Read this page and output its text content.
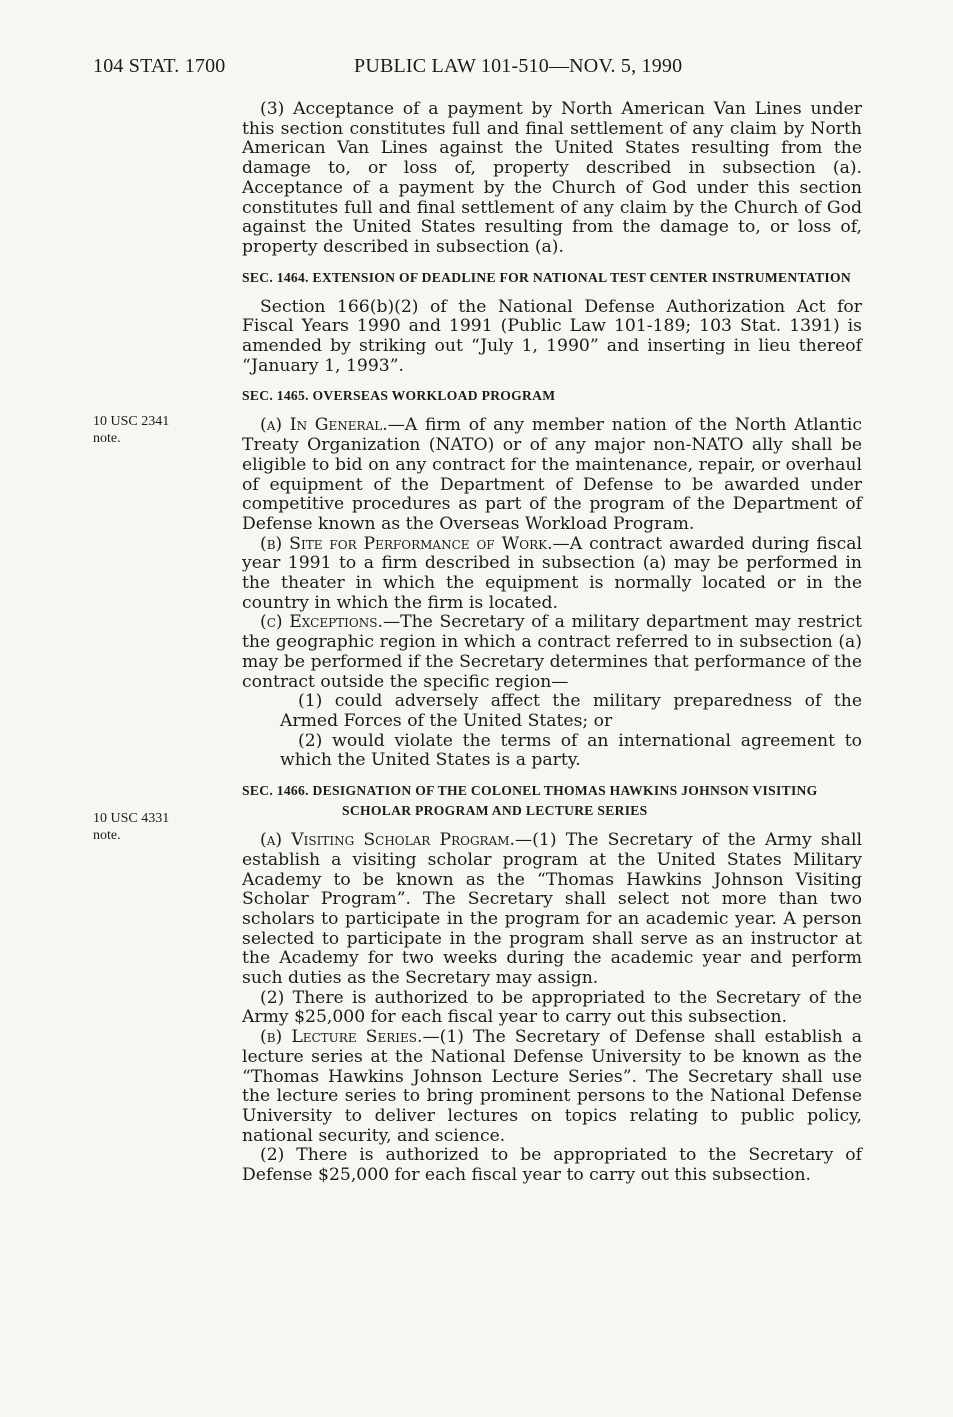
104 STAT. 1700	PUBLIC LAW 101-510—NOV. 5, 1990
10 USC 2341
note.
10 USC 4331
note.

(3) Acceptance of a payment by North American Van Lines under this section constitutes full and final settlement of any claim by North American Van Lines against the United States resulting from the damage to, or loss of, property described in subsection (a). Acceptance of a payment by the Church of God under this section constitutes full and final settlement of any claim by the Church of God against the United States resulting from the damage to, or loss of, property described in subsection (a).

SEC. 1464. EXTENSION OF DEADLINE FOR NATIONAL TEST CENTER INSTRUMENTATION

Section 166(b)(2) of the National Defense Authorization Act for Fiscal Years 1990 and 1991 (Public Law 101-189; 103 Stat. 1391) is amended by striking out “July 1, 1990” and inserting in lieu thereof “January 1, 1993”.

SEC. 1465. OVERSEAS WORKLOAD PROGRAM

(a) In General.—A firm of any member nation of the North Atlantic Treaty Organization (NATO) or of any major non-NATO ally shall be eligible to bid on any contract for the maintenance, repair, or overhaul of equipment of the Department of Defense to be awarded under competitive procedures as part of the program of the Department of Defense known as the Overseas Workload Program.

(b) Site for Performance of Work.—A contract awarded during fiscal year 1991 to a firm described in subsection (a) may be performed in the theater in which the equipment is normally located or in the country in which the firm is located.

(c) Exceptions.—The Secretary of a military department may restrict the geographic region in which a contract referred to in subsection (a) may be performed if the Secretary determines that performance of the contract outside the specific region—

(1) could adversely affect the military preparedness of the Armed Forces of the United States; or

(2) would violate the terms of an international agreement to which the United States is a party.

SEC. 1466. DESIGNATION OF THE COLONEL THOMAS HAWKINS JOHNSON VISITING SCHOLAR PROGRAM AND LECTURE SERIES

(a) Visiting Scholar Program.—(1) The Secretary of the Army shall establish a visiting scholar program at the United States Military Academy to be known as the “Thomas Hawkins Johnson Visiting Scholar Program”. The Secretary shall select not more than two scholars to participate in the program for an academic year. A person selected to participate in the program shall serve as an instructor at the Academy for two weeks during the academic year and perform such duties as the Secretary may assign.

(2) There is authorized to be appropriated to the Secretary of the Army $25,000 for each fiscal year to carry out this subsection.

(b) Lecture Series.—(1) The Secretary of Defense shall establish a lecture series at the National Defense University to be known as the “Thomas Hawkins Johnson Lecture Series”. The Secretary shall use the lecture series to bring prominent persons to the National Defense University to deliver lectures on topics relating to public policy, national security, and science.

(2) There is authorized to be appropriated to the Secretary of Defense $25,000 for each fiscal year to carry out this subsection.
